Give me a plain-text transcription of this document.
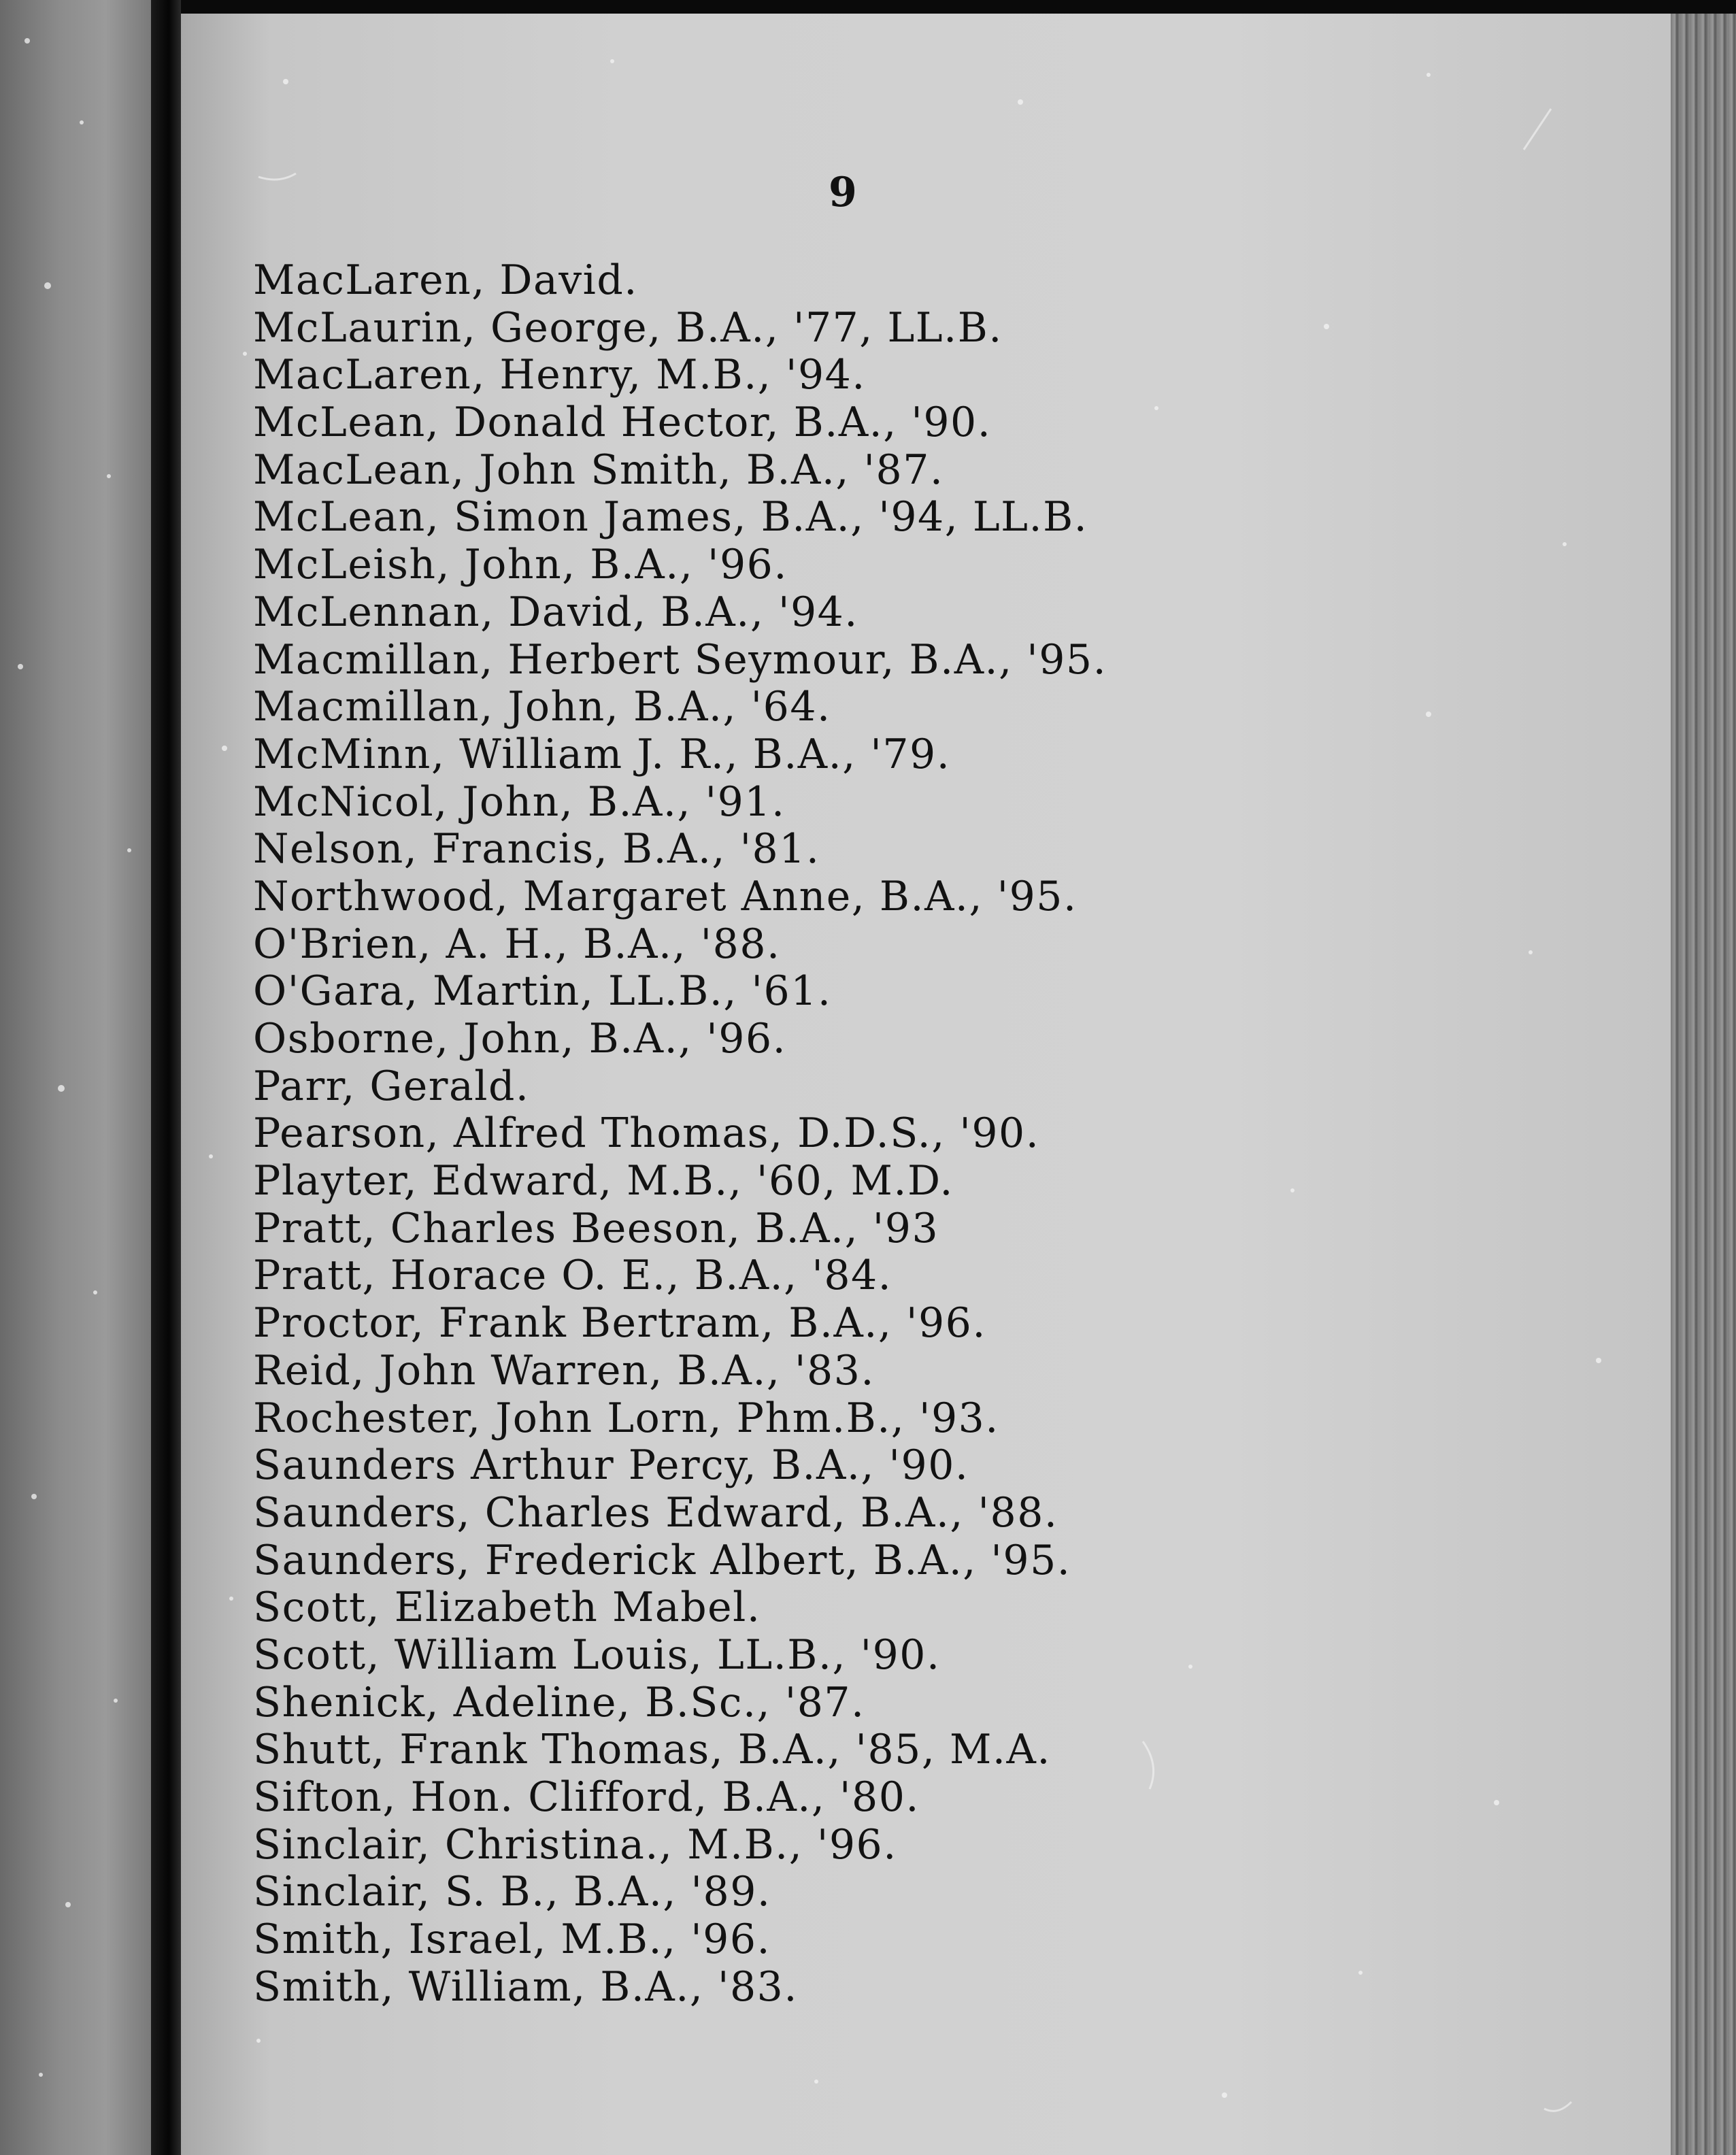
9
MacLaren, David.
McLaurin, George, B.A., '77, LL.B.
MacLaren, Henry, M.B., '94.
McLean, Donald Hector, B.A., '90.
MacLean, John Smith, B.A., '87.
McLean, Simon James, B.A., '94, LL.B.
McLeish, John, B.A., '96.
McLennan, David, B.A., '94.
Macmillan, Herbert Seymour, B.A., '95.
Macmillan, John, B.A., '64.
McMinn, William J. R., B.A., '79.
McNicol, John, B.A., '91.
Nelson, Francis, B.A., '81.
Northwood, Margaret Anne, B.A., '95.
O'Brien, A. H., B.A., '88.
O'Gara, Martin, LL.B., '61.
Osborne, John, B.A., '96.
Parr, Gerald.
Pearson, Alfred Thomas, D.D.S., '90.
Playter, Edward, M.B., '60, M.D.
Pratt, Charles Beeson, B.A., '93
Pratt, Horace O. E., B.A., '84.
Proctor, Frank Bertram, B.A., '96.
Reid, John Warren, B.A., '83.
Rochester, John Lorn, Phm.B., '93.
Saunders Arthur Percy, B.A., '90.
Saunders, Charles Edward, B.A., '88.
Saunders, Frederick Albert, B.A., '95.
Scott, Elizabeth Mabel.
Scott, William Louis, LL.B., '90.
Shenick, Adeline, B.Sc., '87.
Shutt, Frank Thomas, B.A., '85, M.A.
Sifton, Hon. Clifford, B.A., '80.
Sinclair, Christina., M.B., '96.
Sinclair, S. B., B.A., '89.
Smith, Israel, M.B., '96.
Smith, William, B.A., '83.
